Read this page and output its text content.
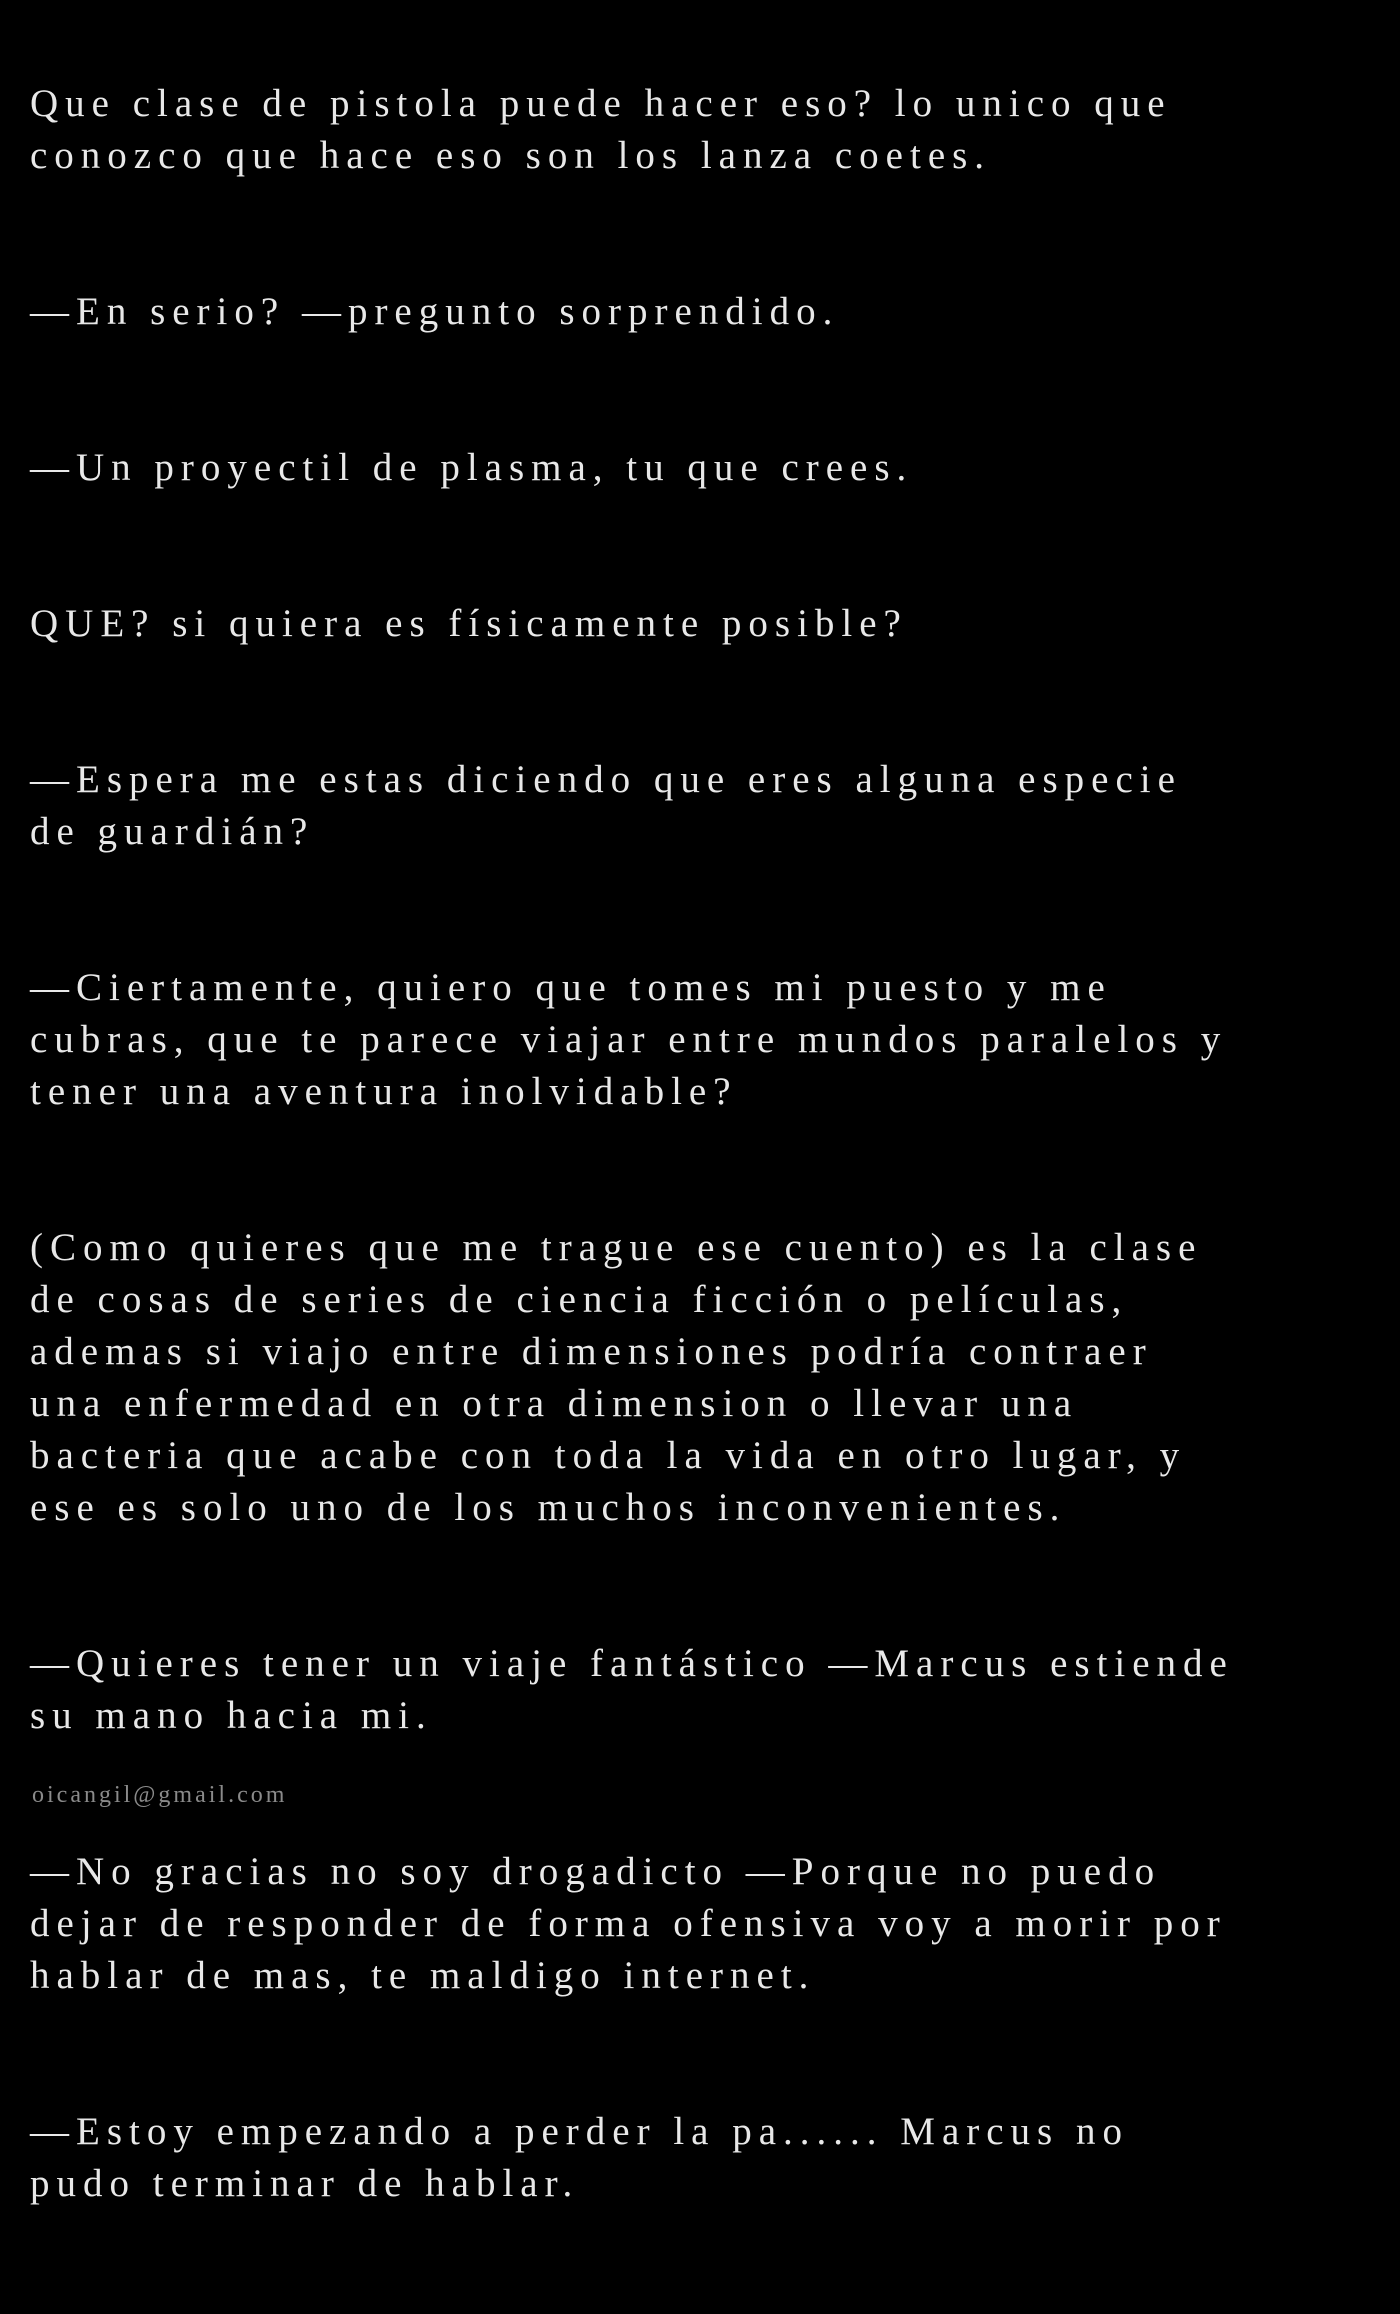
Que clase de pistola puede hacer eso? lo unico que
conozco que hace eso son los lanza coetes.

—En serio? —pregunto sorprendido.

—Un proyectil de plasma, tu que crees.

QUE? si quiera es físicamente posible?

—Espera me estas diciendo que eres alguna especie
de guardián?

—Ciertamente, quiero que tomes mi puesto y me
cubras, que te parece viajar entre mundos paralelos y
tener una aventura inolvidable?

(Como quieres que me trague ese cuento) es la clase
de cosas de series de ciencia ficción o películas,
ademas si viajo entre dimensiones podría contraer
una enfermedad en otra dimension o llevar una
bacteria que acabe con toda la vida en otro lugar, y
ese es solo uno de los muchos inconvenientes.

—Quieres tener un viaje fantástico —Marcus estiende
su mano hacia mi.

—No gracias no soy drogadicto —Porque no puedo
dejar de responder de forma ofensiva voy a morir por
hablar de mas, te maldigo internet.

—Estoy empezando a perder la pa...... Marcus no
pudo terminar de hablar.

oicangil@gmail.com
